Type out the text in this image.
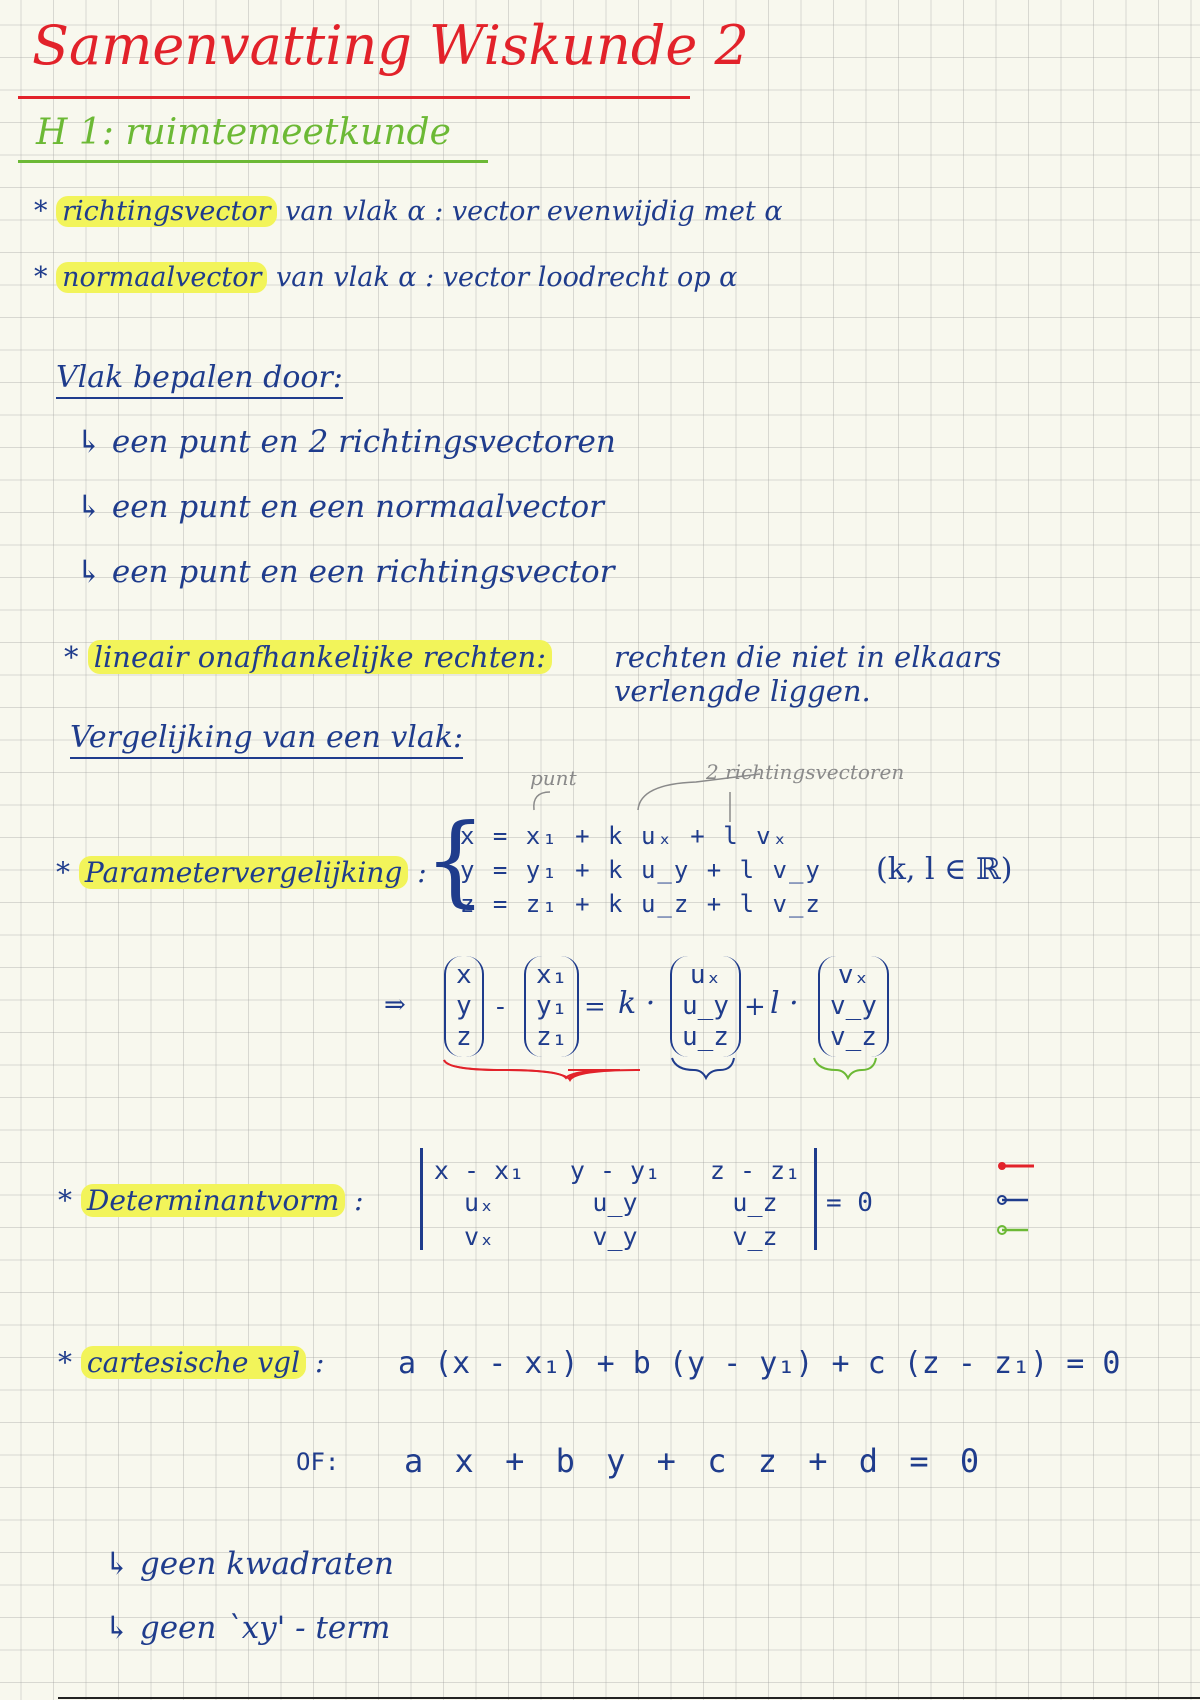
Samenvatting Wiskunde 2
H 1: ruimtemeetkunde
* richtingsvector van vlak α : vector evenwijdig met α
* normaalvector van vlak α : vector loodrecht op α
Vlak bepalen door:
↳ een punt en 2 richtingsvectoren
↳ een punt en een normaalvector
↳ een punt en een richtingsvector
* lineair onafhankelijke rechten: rechten die niet in elkaars
verlengde liggen.
Vergelijking van een vlak:
punt	2 richtingsvectoren
* Parametervergelijking :
{
x = x₁ + k uₓ + l vₓ
y = y₁ + k u_y + l v_y
z = z₁ + k u_z + l v_z
(k, l ∈ ℝ)
⇒
x
y
z
-
x₁
y₁
z₁
= k ·
uₓ
u_y
u_z
+ l ·
vₓ
v_y
v_z
* Determinantvorm :
x - x₁	y - y₁	z - z₁
uₓ	u_y	u_z
vₓ	v_y	v_z
= 0
* cartesische vgl : a (x - x₁) + b (y - y₁) + c (z - z₁) = 0
OF: a x + b y + c z + d = 0
↳ geen kwadraten
↳ geen `xy' - term
